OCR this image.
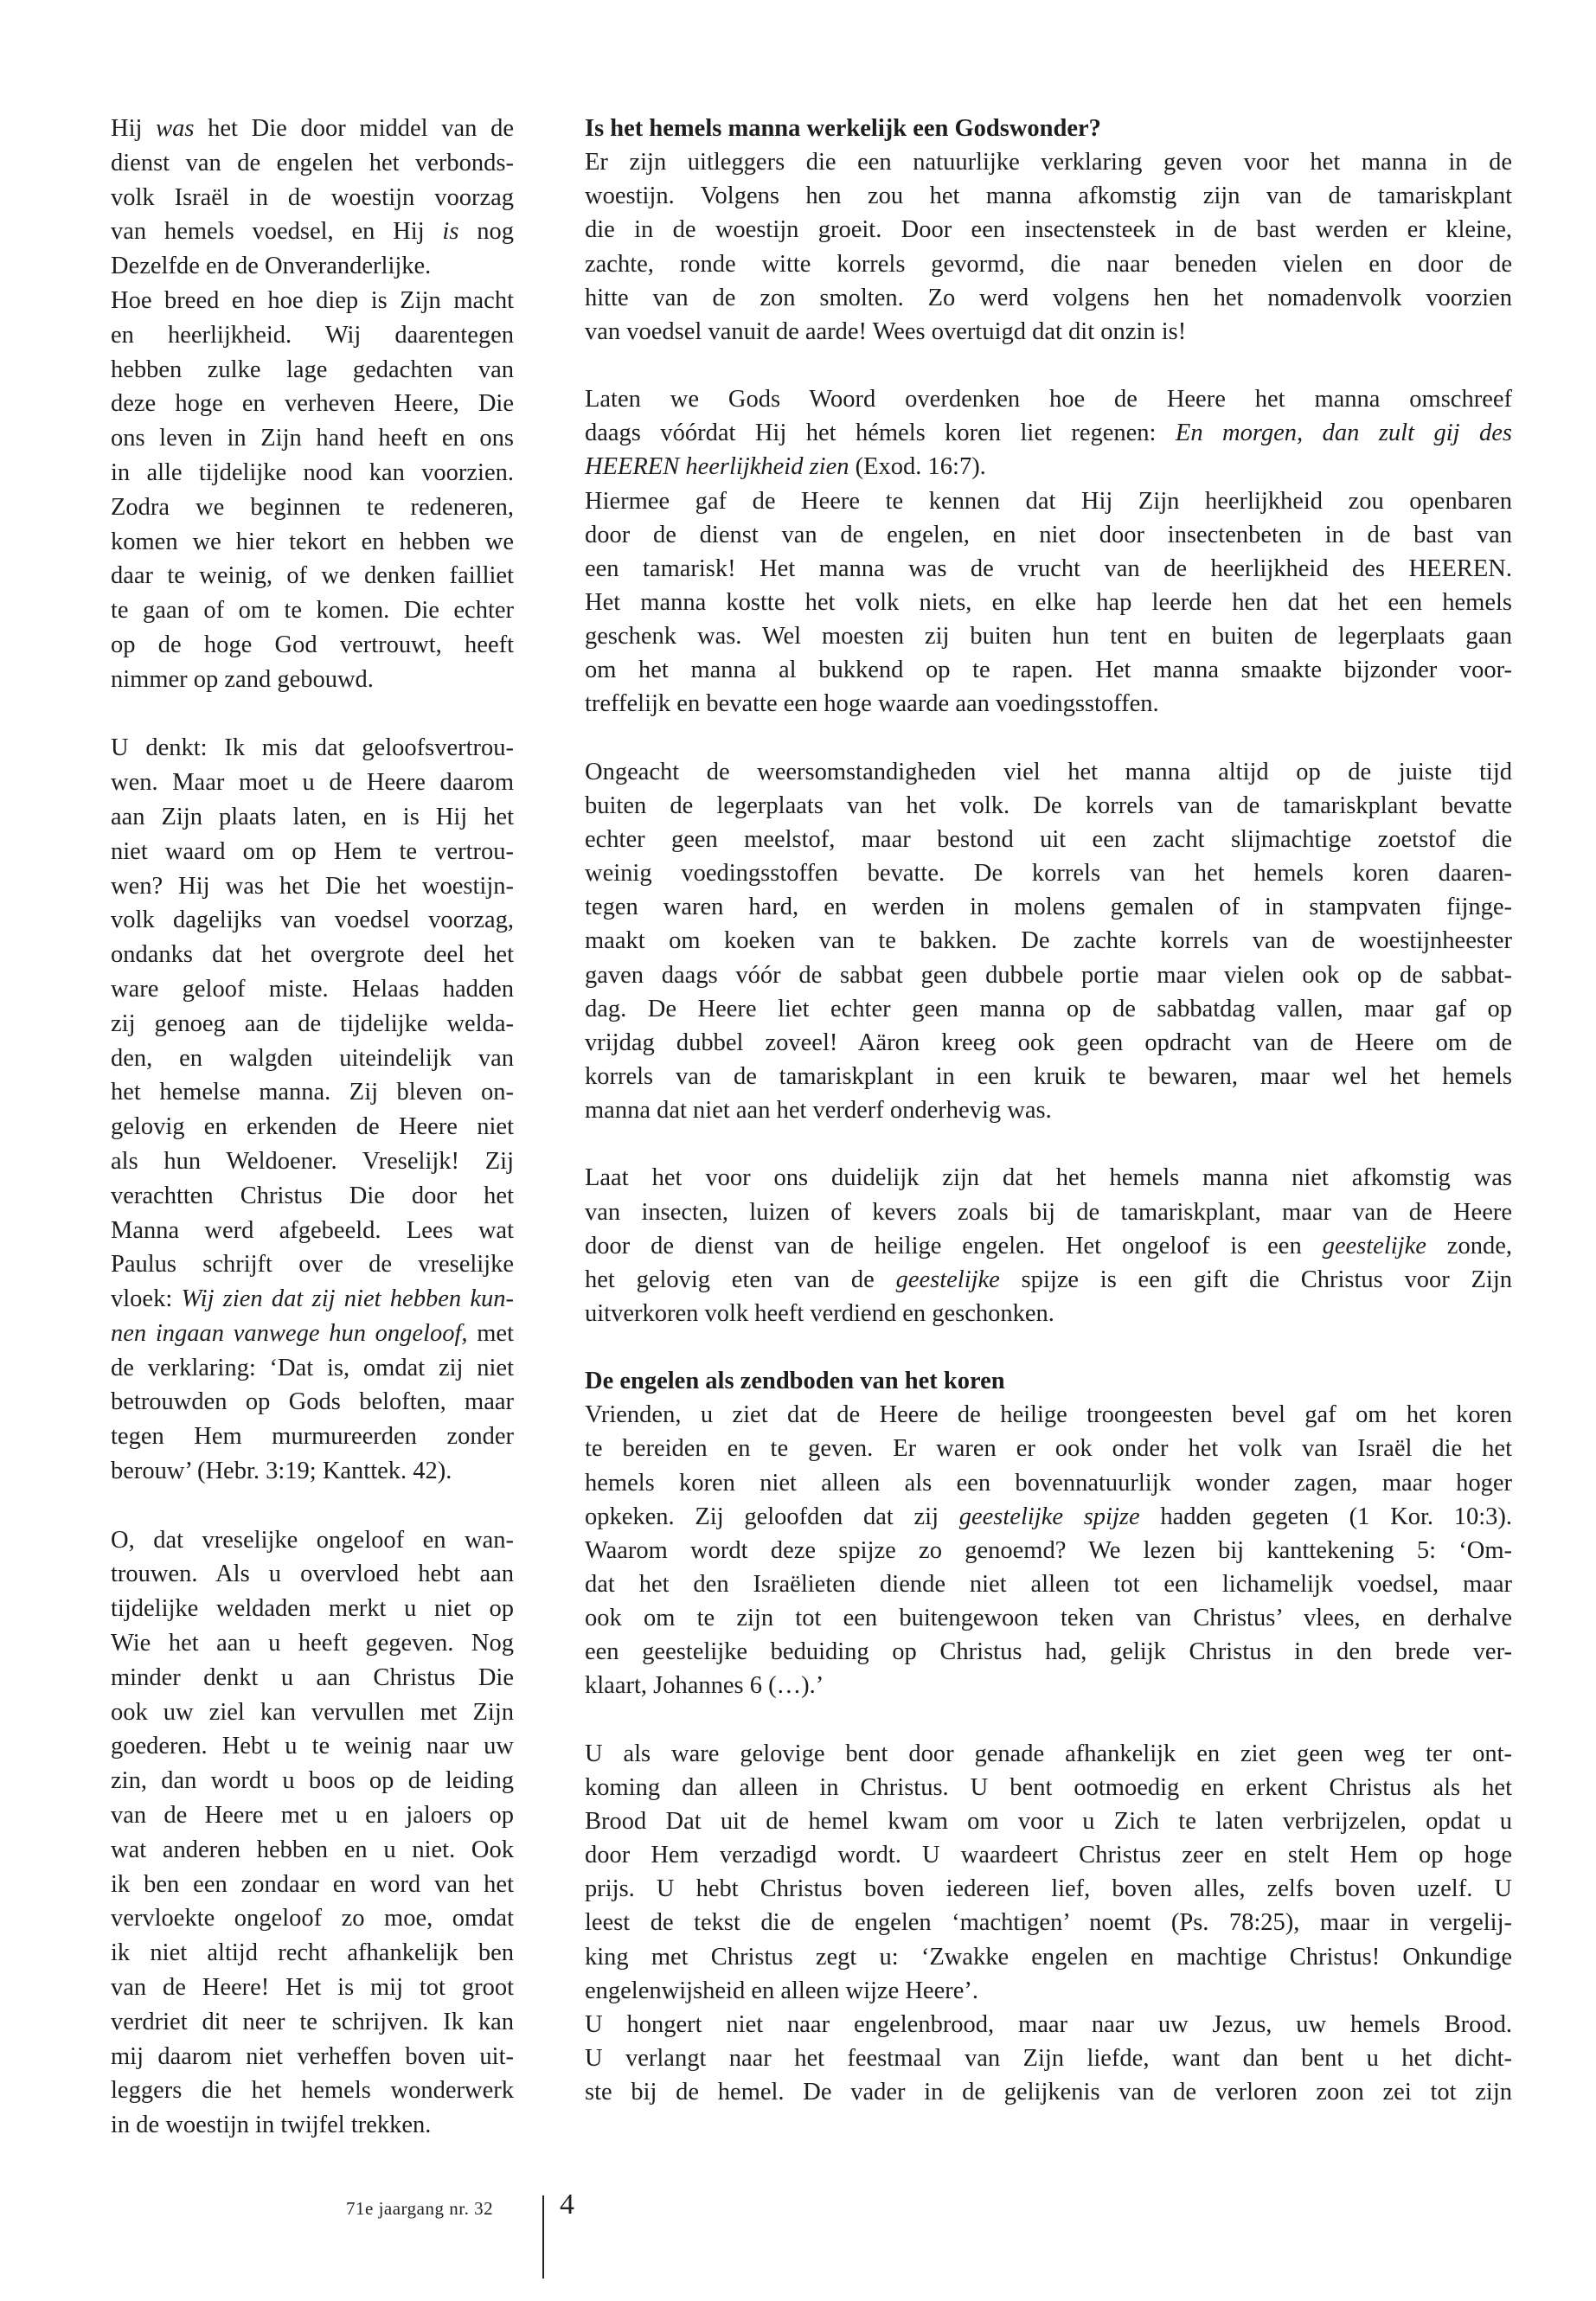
Hij was het Die door middel van de
dienst van de engelen het verbonds-
volk Israël in de woestijn voorzag
van hemels voedsel, en Hij is nog
Dezelfde en de Onveranderlijke.
Hoe breed en hoe diep is Zijn macht
en heerlijkheid. Wij daarentegen
hebben zulke lage gedachten van
deze hoge en verheven Heere, Die
ons leven in Zijn hand heeft en ons
in alle tijdelijke nood kan voorzien.
Zodra we beginnen te redeneren,
komen we hier tekort en hebben we
daar te weinig, of we denken failliet
te gaan of om te komen. Die echter
op de hoge God vertrouwt, heeft
nimmer op zand gebouwd.
U denkt: Ik mis dat geloofsvertrou-
wen. Maar moet u de Heere daarom
aan Zijn plaats laten, en is Hij het
niet waard om op Hem te vertrou-
wen? Hij was het Die het woestijn-
volk dagelijks van voedsel voorzag,
ondanks dat het overgrote deel het
ware geloof miste. Helaas hadden
zij genoeg aan de tijdelijke welda-
den, en walgden uiteindelijk van
het hemelse manna. Zij bleven on-
gelovig en erkenden de Heere niet
als hun Weldoener. Vreselijk! Zij
verachtten Christus Die door het
Manna werd afgebeeld. Lees wat
Paulus schrijft over de vreselijke
vloek: Wij zien dat zij niet hebben kun-
nen ingaan vanwege hun ongeloof, met
de verklaring: ‘Dat is, omdat zij niet
betrouwden op Gods beloften, maar
tegen Hem murmureerden zonder
berouw’ (Hebr. 3:19; Kanttek. 42).
O, dat vreselijke ongeloof en wan-
trouwen. Als u overvloed hebt aan
tijdelijke weldaden merkt u niet op
Wie het aan u heeft gegeven. Nog
minder denkt u aan Christus Die
ook uw ziel kan vervullen met Zijn
goederen. Hebt u te weinig naar uw
zin, dan wordt u boos op de leiding
van de Heere met u en jaloers op
wat anderen hebben en u niet. Ook
ik ben een zondaar en word van het
vervloekte ongeloof zo moe, omdat
ik niet altijd recht afhankelijk ben
van de Heere! Het is mij tot groot
verdriet dit neer te schrijven. Ik kan
mij daarom niet verheffen boven uit-
leggers die het hemels wonderwerk
in de woestijn in twijfel trekken.
Is het hemels manna werkelijk een Godswonder?
Er zijn uitleggers die een natuurlijke verklaring geven voor het manna in de
woestijn. Volgens hen zou het manna afkomstig zijn van de tamariskplant
die in de woestijn groeit. Door een insectensteek in de bast werden er kleine,
zachte, ronde witte korrels gevormd, die naar beneden vielen en door de
hitte van de zon smolten. Zo werd volgens hen het nomadenvolk voorzien
van voedsel vanuit de aarde! Wees overtuigd dat dit onzin is!
Laten we Gods Woord overdenken hoe de Heere het manna omschreef
daags vóórdat Hij het hémels koren liet regenen: En morgen, dan zult gij des
HEEREN heerlijkheid zien (Exod. 16:7).
Hiermee gaf de Heere te kennen dat Hij Zijn heerlijkheid zou openbaren
door de dienst van de engelen, en niet door insectenbeten in de bast van
een tamarisk! Het manna was de vrucht van de heerlijkheid des HEEREN.
Het manna kostte het volk niets, en elke hap leerde hen dat het een hemels
geschenk was. Wel moesten zij buiten hun tent en buiten de legerplaats gaan
om het manna al bukkend op te rapen. Het manna smaakte bijzonder voor-
treffelijk en bevatte een hoge waarde aan voedingsstoffen.
Ongeacht de weersomstandigheden viel het manna altijd op de juiste tijd
buiten de legerplaats van het volk. De korrels van de tamariskplant bevatte
echter geen meelstof, maar bestond uit een zacht slijmachtige zoetstof die
weinig voedingsstoffen bevatte. De korrels van het hemels koren daaren-
tegen waren hard, en werden in molens gemalen of in stampvaten fijnge-
maakt om koeken van te bakken. De zachte korrels van de woestijnheester
gaven daags vóór de sabbat geen dubbele portie maar vielen ook op de sabbat-
dag. De Heere liet echter geen manna op de sabbatdag vallen, maar gaf op
vrijdag dubbel zoveel! Aäron kreeg ook geen opdracht van de Heere om de
korrels van de tamariskplant in een kruik te bewaren, maar wel het hemels
manna dat niet aan het verderf onderhevig was.
Laat het voor ons duidelijk zijn dat het hemels manna niet afkomstig was
van insecten, luizen of kevers zoals bij de tamariskplant, maar van de Heere
door de dienst van de heilige engelen. Het ongeloof is een geestelijke zonde,
het gelovig eten van de geestelijke spijze is een gift die Christus voor Zijn
uitverkoren volk heeft verdiend en geschonken.
De engelen als zendboden van het koren
Vrienden, u ziet dat de Heere de heilige troongeesten bevel gaf om het koren
te bereiden en te geven. Er waren er ook onder het volk van Israël die het
hemels koren niet alleen als een bovennatuurlijk wonder zagen, maar hoger
opkeken. Zij geloofden dat zij geestelijke spijze hadden gegeten (1 Kor. 10:3).
Waarom wordt deze spijze zo genoemd? We lezen bij kanttekening 5: ‘Om-
dat het den Israëlieten diende niet alleen tot een lichamelijk voedsel, maar
ook om te zijn tot een buitengewoon teken van Christus’ vlees, en derhalve
een geestelijke beduiding op Christus had, gelijk Christus in den brede ver-
klaart, Johannes 6 (…).’
U als ware gelovige bent door genade afhankelijk en ziet geen weg ter ont-
koming dan alleen in Christus. U bent ootmoedig en erkent Christus als het
Brood Dat uit de hemel kwam om voor u Zich te laten verbrijzelen, opdat u
door Hem verzadigd wordt. U waardeert Christus zeer en stelt Hem op hoge
prijs. U hebt Christus boven iedereen lief, boven alles, zelfs boven uzelf. U
leest de tekst die de engelen ‘machtigen’ noemt (Ps. 78:25), maar in vergelij-
king met Christus zegt u: ‘Zwakke engelen en machtige Christus! Onkundige
engelenwijsheid en alleen wijze Heere’.
U hongert niet naar engelenbrood, maar naar uw Jezus, uw hemels Brood.
U verlangt naar het feestmaal van Zijn liefde, want dan bent u het dicht-
ste bij de hemel. De vader in de gelijkenis van de verloren zoon zei tot zijn
71e jaargang nr. 32 4
